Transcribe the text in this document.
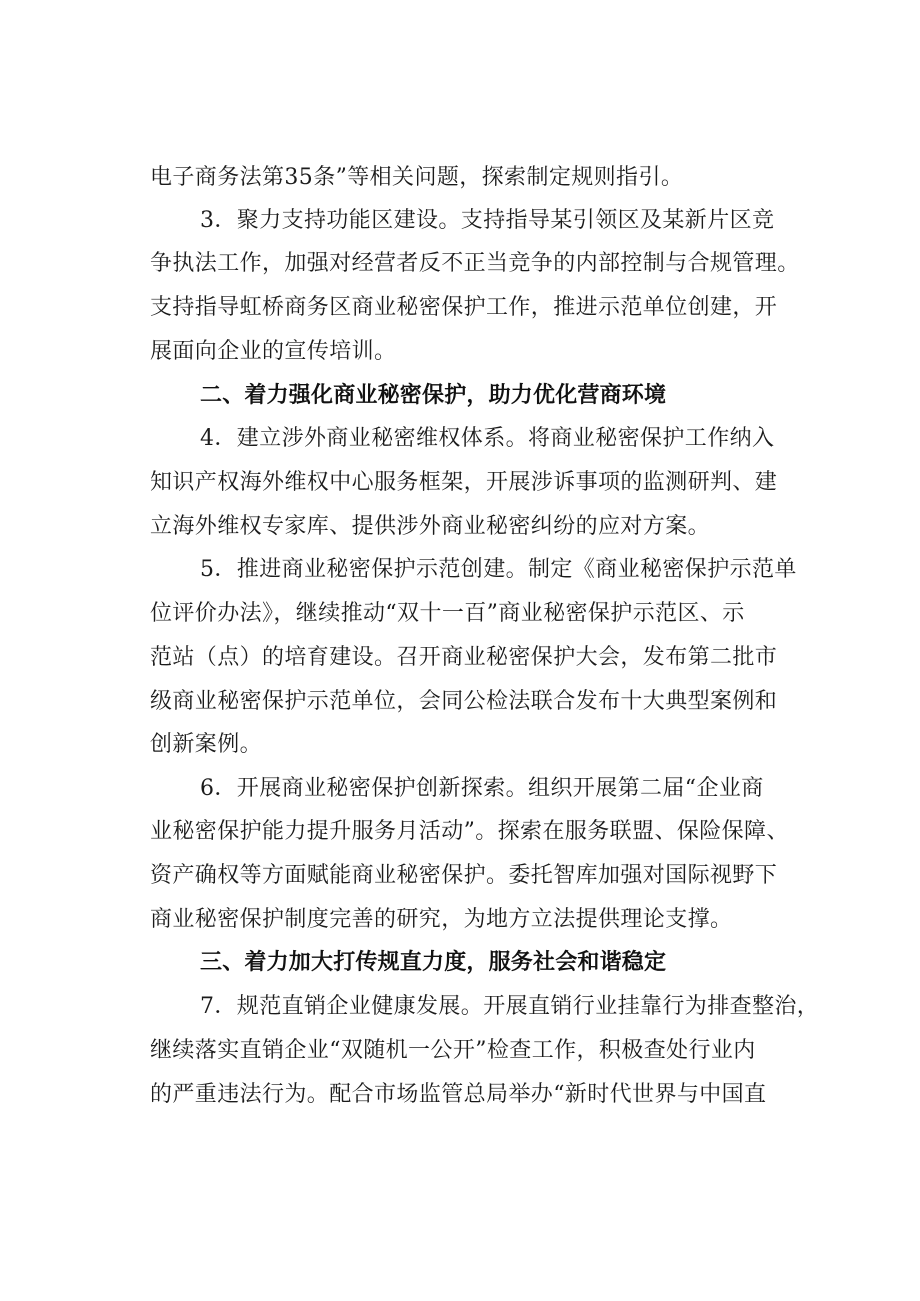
电子商务法第35条”等相关问题，探索制定规则指引。
3．聚力支持功能区建设。支持指导某引领区及某新片区竞
争执法工作，加强对经营者反不正当竞争的内部控制与合规管理。
支持指导虹桥商务区商业秘密保护工作，推进示范单位创建，开
展面向企业的宣传培训。
二、着力强化商业秘密保护，助力优化营商环境
4．建立涉外商业秘密维权体系。将商业秘密保护工作纳入
知识产权海外维权中心服务框架，开展涉诉事项的监测研判、建
立海外维权专家库、提供涉外商业秘密纠纷的应对方案。
5．推进商业秘密保护示范创建。制定《商业秘密保护示范单
位评价办法》，继续推动“双十一百”商业秘密保护示范区、示
范站（点）的培育建设。召开商业秘密保护大会，发布第二批市
级商业秘密保护示范单位，会同公检法联合发布十大典型案例和
创新案例。
6．开展商业秘密保护创新探索。组织开展第二届“企业商
业秘密保护能力提升服务月活动”。探索在服务联盟、保险保障、
资产确权等方面赋能商业秘密保护。委托智库加强对国际视野下
商业秘密保护制度完善的研究，为地方立法提供理论支撑。
三、着力加大打传规直力度，服务社会和谐稳定
7．规范直销企业健康发展。开展直销行业挂靠行为排查整治，
继续落实直销企业“双随机一公开”检查工作，积极查处行业内
的严重违法行为。配合市场监管总局举办“新时代世界与中国直
